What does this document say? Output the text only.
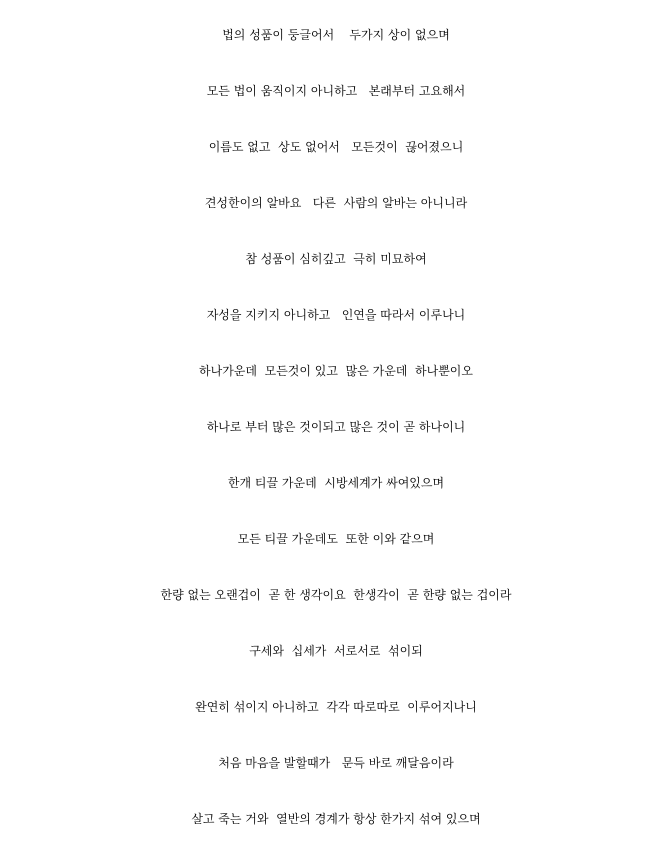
법의 성품이 둥글어서    두가지 상이 없으며
모든 법이 움직이지 아니하고   본래부터 고요해서
이름도 없고  상도 없어서   모든것이  끊어졌으니
견성한이의 알바요   다른  사람의 알바는 아니니라
참 성품이 심히깊고  극히 미묘하여
자성을 지키지 아니하고   인연을 따라서 이루나니
하나가운데  모든것이 있고  많은 가운데  하나뿐이오
하나로 부터 많은 것이되고 많은 것이 곧 하나이니
한개 티끌 가운데  시방세계가 싸여있으며
모든 티끌 가운데도  또한 이와 같으며
한량 없는 오랜겁이  곧 한 생각이요  한생각이  곧 한량 없는 겁이라
구세와  십세가  서로서로  섞이되
완연히 섞이지 아니하고  각각 따로따로  이루어지나니
처음 마음을 발할때가   문득 바로 깨달음이라
살고 죽는 거와  열반의 경계가 항상 한가지 섞여 있으며
